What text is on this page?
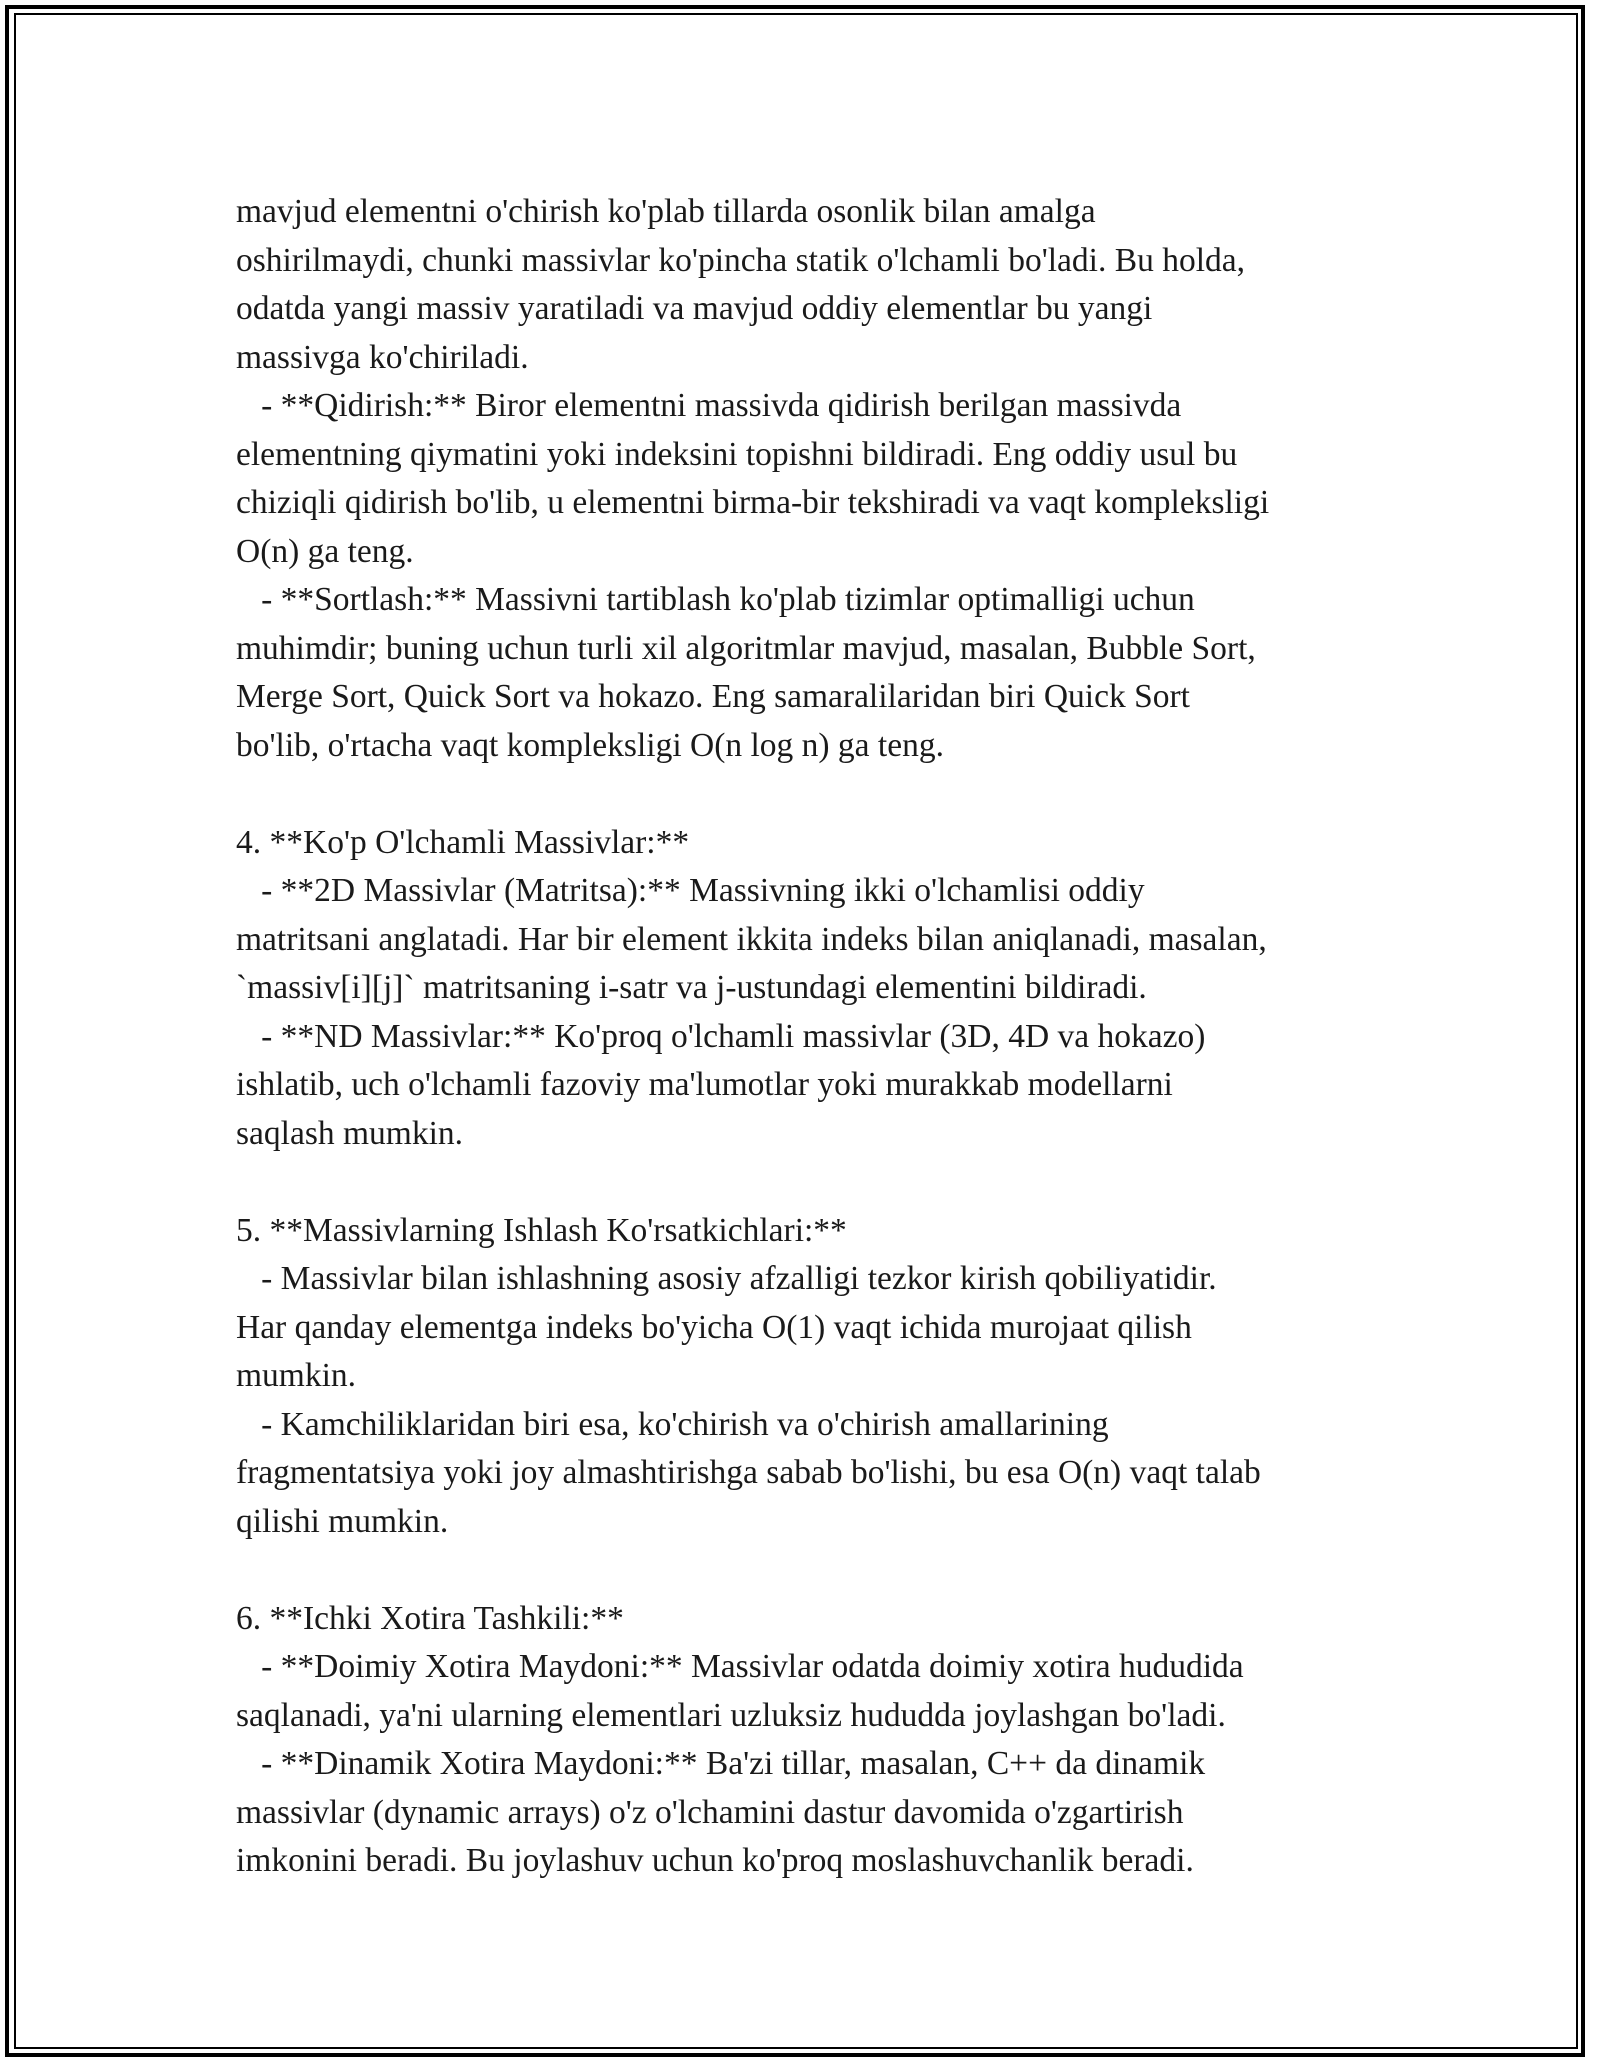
mavjud elementni o'chirish ko'plab tillarda osonlik bilan amalga
oshirilmaydi, chunki massivlar ko'pincha statik o'lchamli bo'ladi. Bu holda,
odatda yangi massiv yaratiladi va mavjud oddiy elementlar bu yangi
massivga ko'chiriladi.
- **Qidirish:** Biror elementni massivda qidirish berilgan massivda
elementning qiymatini yoki indeksini topishni bildiradi. Eng oddiy usul bu
chiziqli qidirish bo'lib, u elementni birma-bir tekshiradi va vaqt kompleksligi
O(n) ga teng.
- **Sortlash:** Massivni tartiblash ko'plab tizimlar optimalligi uchun
muhimdir; buning uchun turli xil algoritmlar mavjud, masalan, Bubble Sort,
Merge Sort, Quick Sort va hokazo. Eng samaralilaridan biri Quick Sort
bo'lib, o'rtacha vaqt kompleksligi O(n log n) ga teng.
4. **Ko'p O'lchamli Massivlar:**
- **2D Massivlar (Matritsa):** Massivning ikki o'lchamlisi oddiy
matritsani anglatadi. Har bir element ikkita indeks bilan aniqlanadi, masalan,
`massiv[i][j]` matritsaning i-satr va j-ustundagi elementini bildiradi.
- **ND Massivlar:** Ko'proq o'lchamli massivlar (3D, 4D va hokazo)
ishlatib, uch o'lchamli fazoviy ma'lumotlar yoki murakkab modellarni
saqlash mumkin.
5. **Massivlarning Ishlash Ko'rsatkichlari:**
- Massivlar bilan ishlashning asosiy afzalligi tezkor kirish qobiliyatidir.
Har qanday elementga indeks bo'yicha O(1) vaqt ichida murojaat qilish
mumkin.
- Kamchiliklaridan biri esa, ko'chirish va o'chirish amallarining
fragmentatsiya yoki joy almashtirishga sabab bo'lishi, bu esa O(n) vaqt talab
qilishi mumkin.
6. **Ichki Xotira Tashkili:**
- **Doimiy Xotira Maydoni:** Massivlar odatda doimiy xotira hududida
saqlanadi, ya'ni ularning elementlari uzluksiz hududda joylashgan bo'ladi.
- **Dinamik Xotira Maydoni:** Ba'zi tillar, masalan, C++ da dinamik
massivlar (dynamic arrays) o'z o'lchamini dastur davomida o'zgartirish
imkonini beradi. Bu joylashuv uchun ko'proq moslashuvchanlik beradi.
